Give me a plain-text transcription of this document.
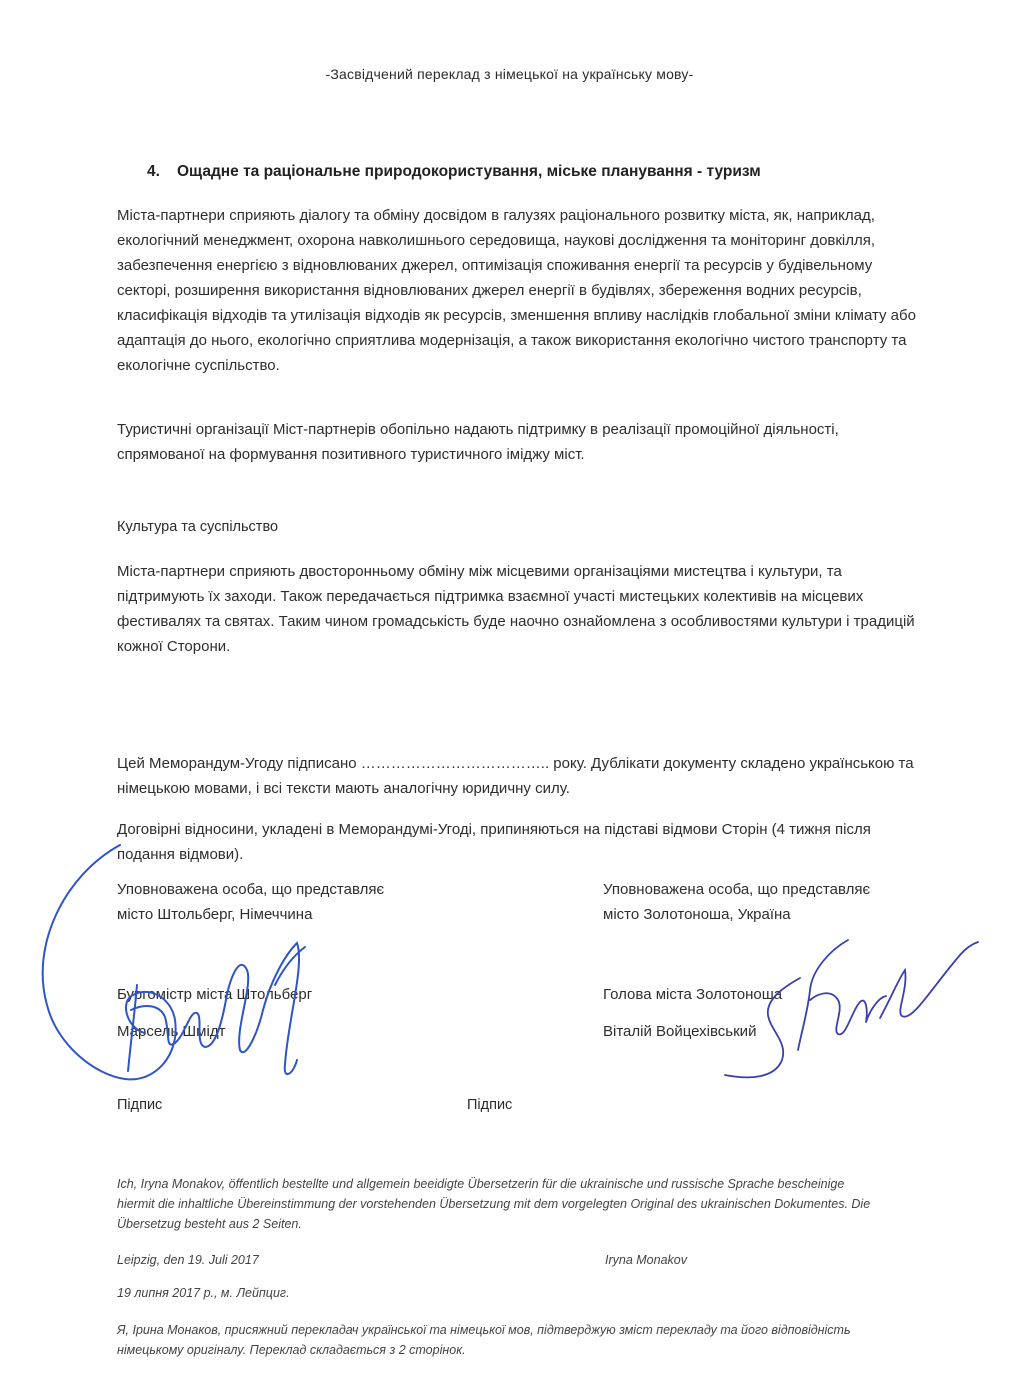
-Засвідчений переклад з німецької на українську мову-
4. Ощадне та раціональне природокористування, міське планування - туризм
Міста-партнери сприяють діалогу та обміну досвідом в галузях раціонального розвитку міста, як, наприклад, екологічний менеджмент, охорона навколишнього середовища, наукові дослідження та моніторинг довкілля, забезпечення енергією з відновлюваних джерел, оптимізація споживання енергії та ресурсів у будівельному секторі, розширення використання відновлюваних джерел енергії в будівлях, збереження водних ресурсів, класифікація відходів та утилізація відходів як ресурсів, зменшення впливу наслідків глобальної зміни клімату або адаптація до нього, екологічно сприятлива модернізація, а також використання екологічно чистого транспорту та екологічне суспільство.
Туристичні організації Міст-партнерів обопільно надають підтримку в реалізації промоційної діяльності, спрямованої на формування позитивного туристичного іміджу міст.
Культура та суспільство
Міста-партнери сприяють двосторонньому обміну між місцевими організаціями мистецтва і культури, та підтримують їх заходи. Також передачається підтримка взаємної участі мистецьких колективів на місцевих фестивалях та святах. Таким чином громадськість буде наочно ознайомлена з особливостями культури і традицій кожної Сторони.
Цей Меморандум-Угоду підписано ……………………………….. року. Дублікати документу складено українською та німецькою мовами, і всі тексти мають аналогічну юридичну силу.
Договірні відносини, укладені в Меморандумі-Угоді, припиняються на підставі відмови Сторін (4 тижня після подання відмови).
Уповноважена особа, що представляє
місто Штольберг, Німеччина
Бургомістр міста Штольберг
Марсель Шмідт
Підпис
Уповноважена особа, що представляє
місто Золотоноша, Україна
Голова міста Золотоноша
Віталій Войцехівський
Підпис
Ich, Iryna Monakov, öffentlich bestellte und allgemein beeidigte Übersetzerin für die ukrainische und russische Sprache bescheinige hiermit die inhaltliche Übereinstimmung der vorstehenden Übersetzung mit dem vorgelegten Original des ukrainischen Dokumentes. Die Übersetzug besteht aus 2 Seiten.
Leipzig, den 19. Juli 2017	Iryna Monakov
19 липня 2017 р., м. Лейпциг.
Я, Ірина Монаков, присяжний перекладач української та німецької мов, підтверджую зміст перекладу та його відповідність німецькому оригіналу. Переклад складається з 2 сторінок.
